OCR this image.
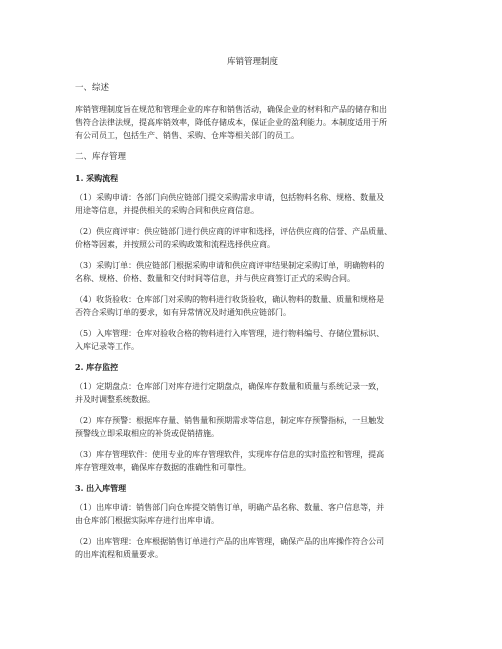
库销管理制度
一、综述
库销管理制度旨在规范和管理企业的库存和销售活动，确保企业的材料和产品的储存和出
售符合法律法规，提高库销效率，降低存储成本，保证企业的盈利能力。本制度适用于所
有公司员工，包括生产、销售、采购、仓库等相关部门的员工。
二、库存管理
1. 采购流程
（1）采购申请：各部门向供应链部门提交采购需求申请，包括物料名称、规格、数量及
用途等信息，并提供相关的采购合同和供应商信息。
（2）供应商评审：供应链部门进行供应商的评审和选择，评估供应商的信誉、产品质量、
价格等因素，并按照公司的采购政策和流程选择供应商。
（3）采购订单：供应链部门根据采购申请和供应商评审结果制定采购订单，明确物料的
名称、规格、价格、数量和交付时间等信息，并与供应商签订正式的采购合同。
（4）收货验收：仓库部门对采购的物料进行收货验收，确认物料的数量、质量和规格是
否符合采购订单的要求，如有异常情况及时通知供应链部门。
（5）入库管理：仓库对验收合格的物料进行入库管理，进行物料编号、存储位置标识、
入库记录等工作。
2. 库存监控
（1）定期盘点：仓库部门对库存进行定期盘点，确保库存数量和质量与系统记录一致，
并及时调整系统数据。
（2）库存预警：根据库存量、销售量和预期需求等信息，制定库存预警指标，一旦触发
预警线立即采取相应的补货或促销措施。
（3）库存管理软件：使用专业的库存管理软件，实现库存信息的实时监控和管理，提高
库存管理效率，确保库存数据的准确性和可靠性。
3. 出入库管理
（1）出库申请：销售部门向仓库提交销售订单，明确产品名称、数量、客户信息等，并
由仓库部门根据实际库存进行出库申请。
（2）出库管理：仓库根据销售订单进行产品的出库管理，确保产品的出库操作符合公司
的出库流程和质量要求。
